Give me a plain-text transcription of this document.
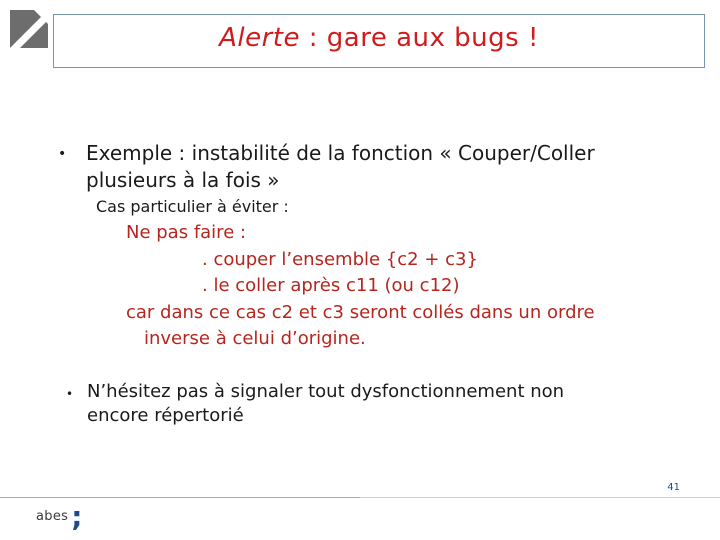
Alerte : gare aux bugs !
• Exemple : instabilité de la fonction « Couper/Coller
plusieurs à la fois »
Cas particulier à éviter :
Ne pas faire :
. couper l’ensemble {c2 + c3}
. le coller après c11 (ou c12)
car dans ce cas c2 et c3 seront collés dans un ordre
inverse à celui d’origine.
• N’hésitez pas à signaler tout dysfonctionnement non
encore répertorié
abes ;
41
